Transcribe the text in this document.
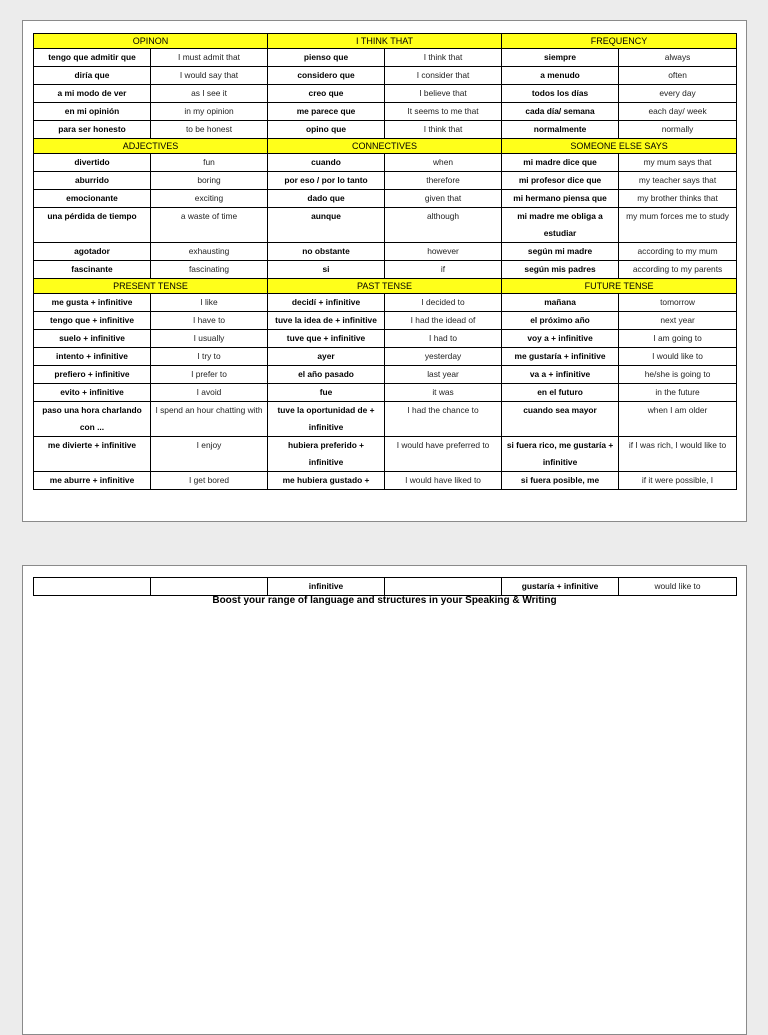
OPINON		I THINK THAT		FREQUENCY	
tengo que admitir que	I must admit that	pienso que	I think that	siempre	always
diría que	I would say that	considero que	I consider that	a menudo	often
a mi modo de ver	as I see it	creo que	I believe that	todos los días	every day
en mi opinión	in my opinion	me parece que	It seems to me that	cada día/ semana	each day/ week
para ser honesto	to be honest	opino que	I think that	normalmente	normally
ADJECTIVES		CONNECTIVES		SOMEONE ELSE SAYS	
divertido	fun	cuando	when	mi madre dice que	my mum says that
aburrido	boring	por eso / por lo tanto	therefore	mi profesor dice que	my teacher says that
emocionante	exciting	dado que	given that	mi hermano piensa que	my brother thinks that
una pérdida de tiempo	a waste of time	aunque	although	mi madre me obliga a estudiar	my mum forces me to study
agotador	exhausting	no obstante	however	según mi madre	according to my mum
fascinante	fascinating	si	if	según mis padres	according to my parents
PRESENT TENSE		PAST TENSE		FUTURE TENSE	
me gusta + infinitive	I like	decidí + infinitive	I decided to	mañana	tomorrow
tengo que + infinitive	I have to	tuve la idea de + infinitive	I had the idead of	el próximo año	next year
suelo + infinitive	I usually	tuve que + infinitive	I had to	voy a + infinitive	I am going to
intento + infinitive	I try to	ayer	yesterday	me gustaría + infinitive	I would like to
prefiero + infinitive	I prefer to	el año pasado	last year	va a + infinitive	he/she is going to
evito + infinitive	I avoid	fue	it was	en el futuro	in the future
paso una hora charlando con ...	I spend an hour chatting with	tuve la oportunidad de + infinitive	I had the chance to	cuando sea mayor	when I am older
me divierte + infinitive	I enjoy	hubiera preferido + infinitive	I would have preferred to	si fuera rico, me gustaría + infinitive	if I was rich, I would like to
me aburre + infinitive	I get bored	me hubiera gustado +	I would have liked to	si fuera posible, me	if it were possible, I
		infinitive		gustaría + infinitive	would like to
Boost your range of language and structures in your Speaking & Writing
